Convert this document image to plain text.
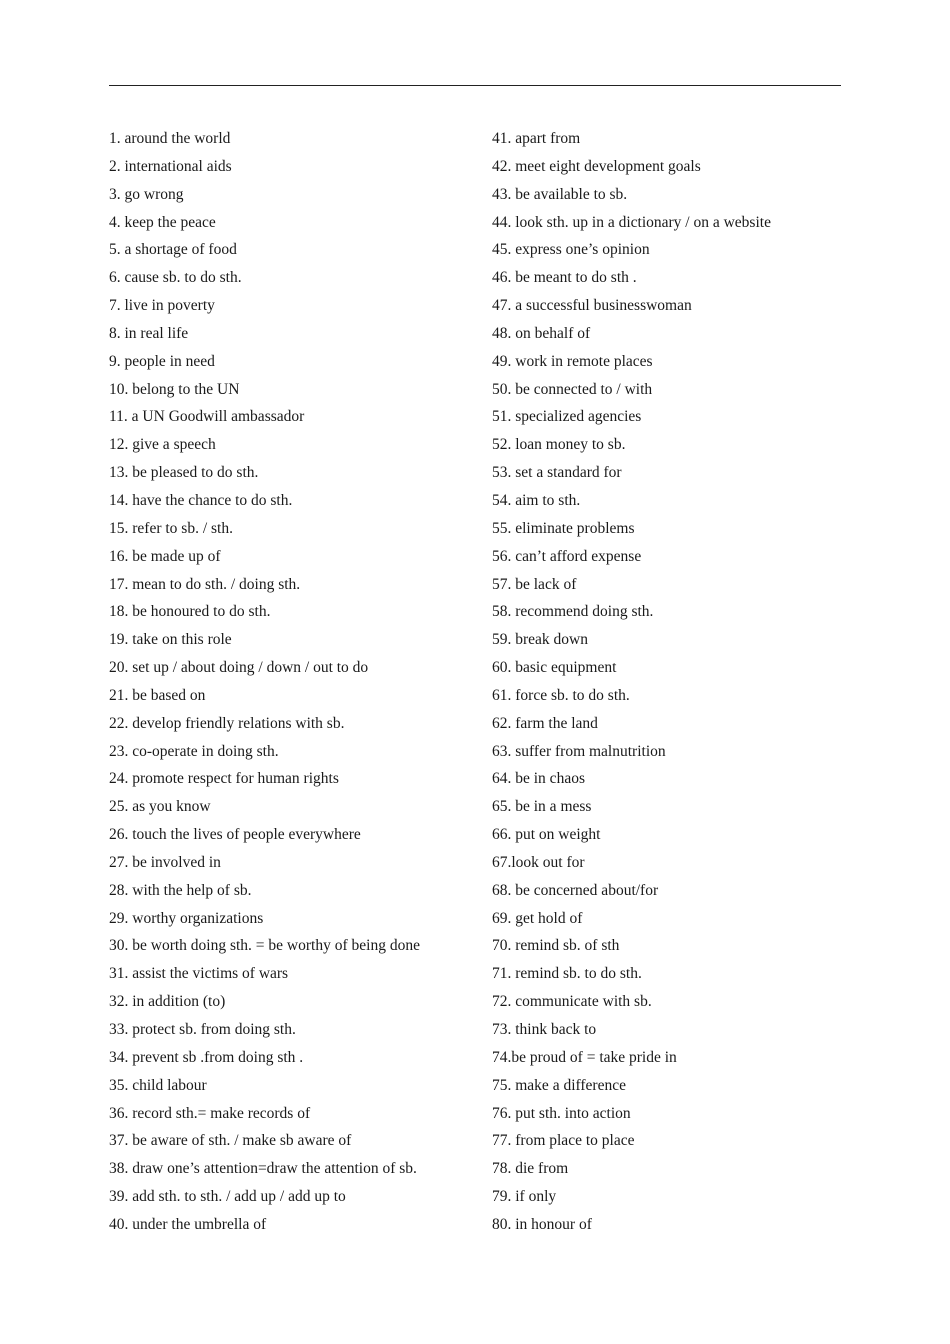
1. around the world
2. international aids
3. go wrong
4. keep the peace
5. a shortage of food
6. cause sb. to do sth.
7. live in poverty
8. in real life
9. people in need
10. belong to the UN
11. a UN Goodwill ambassador
12. give a speech
13. be pleased to do sth.
14. have the chance to do sth.
15. refer to sb. / sth.
16. be made up of
17. mean to do sth. / doing sth.
18. be honoured to do sth.
19. take on this role
20. set up / about doing / down / out to do
21. be based on
22. develop friendly relations with sb.
23. co-operate in doing sth.
24. promote respect for human rights
25. as you know
26. touch the lives of people everywhere
27. be involved in
28. with the help of sb.
29. worthy organizations
30. be worth doing sth. = be worthy of being done
31. assist the victims of wars
32. in addition (to)
33. protect sb. from doing sth.
34. prevent sb .from doing sth .
35. child labour
36. record sth.= make records of
37. be aware of sth. / make sb aware of
38. draw one’s attention=draw the attention of sb.
39. add sth. to sth. / add up / add up to
40. under the umbrella of
41. apart from
42. meet eight development goals
43. be available to sb.
44. look sth. up in a dictionary / on a website
45. express one’s opinion
46. be meant to do sth .
47. a successful businesswoman
48. on behalf of
49. work in remote places
50. be connected to / with
51. specialized agencies
52. loan money to sb.
53. set a standard for
54. aim to sth.
55. eliminate problems
56. can’t afford expense
57. be lack of
58. recommend doing sth.
59. break down
60. basic equipment
61. force sb. to do sth.
62. farm the land
63. suffer from malnutrition
64. be in chaos
65. be in a mess
66. put on weight
67.look out for
68. be concerned about/for
69. get hold of
70. remind sb. of sth
71. remind sb. to do sth.
72. communicate with sb.
73. think back to
74.be proud of = take pride in
75. make a difference
76. put sth. into action
77. from place to place
78. die from
79. if only
80. in honour of
